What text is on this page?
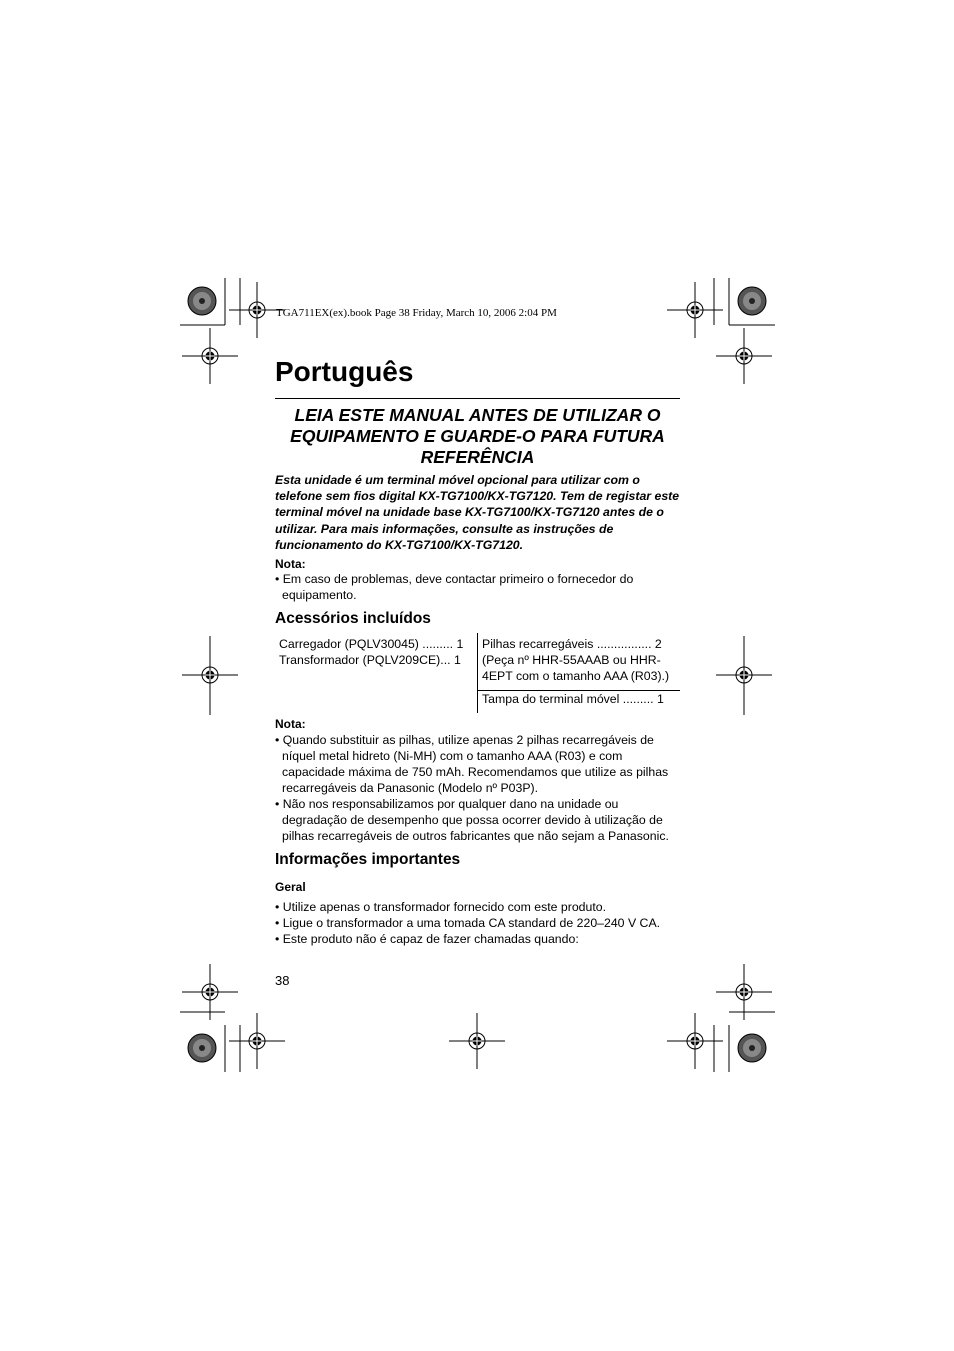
TGA711EX(ex).book Page 38 Friday, March 10, 2006 2:04 PM
Português
LEIA ESTE MANUAL ANTES DE UTILIZAR O EQUIPAMENTO E GUARDE-O PARA FUTURA REFERÊNCIA

Esta unidade é um terminal móvel opcional para utilizar com o telefone sem fios digital KX-TG7100/KX-TG7120. Tem de registar este terminal móvel na unidade base KX-TG7100/KX-TG7120 antes de o utilizar. Para mais informações, consulte as instruções de funcionamento do KX-TG7100/KX-TG7120.

Nota:
• Em caso de problemas, deve contactar primeiro o fornecedor do equipamento.
Acessórios incluídos
Carregador (PQLV30045) ......... 1
Transformador (PQLV209CE)... 1
Pilhas recarregáveis ................ 2
(Peça nº HHR-55AAAB ou HHR-
4EPT com o tamanho AAA (R03).)
Tampa do terminal móvel ......... 1
Nota:
• Quando substituir as pilhas, utilize apenas 2 pilhas recarregáveis de níquel metal hidreto (Ni-MH) com o tamanho AAA (R03) e com capacidade máxima de 750 mAh. Recomendamos que utilize as pilhas recarregáveis da Panasonic (Modelo nº P03P).
• Não nos responsabilizamos por qualquer dano na unidade ou degradação de desempenho que possa ocorrer devido à utilização de pilhas recarregáveis de outros fabricantes que não sejam a Panasonic.
Informações importantes
Geral
• Utilize apenas o transformador fornecido com este produto.
• Ligue o transformador a uma tomada CA standard de 220–240 V CA.
• Este produto não é capaz de fazer chamadas quando:
38
